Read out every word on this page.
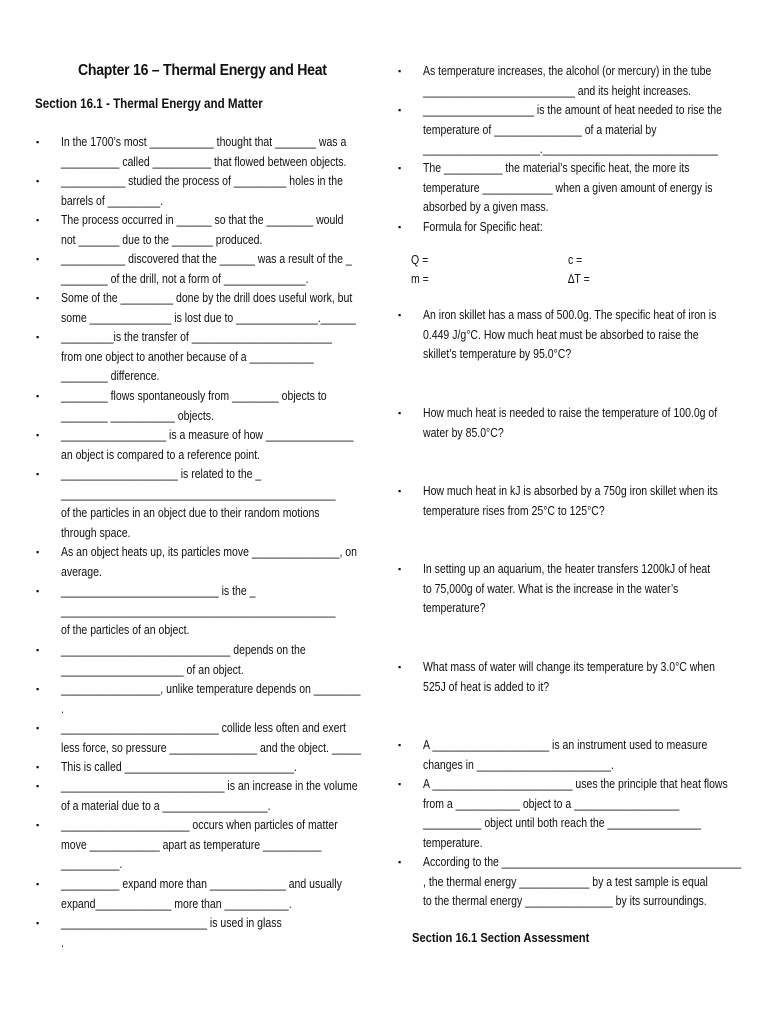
Chapter 16 – Thermal Energy and Heat
Section 16.1 - Thermal Energy and Matter
▪ In the 1700’s most ___________ thought that _______ was a
__________ called __________ that flowed between objects.
▪ ___________ studied the process of _________ holes in the
barrels of _________.
▪ The process occurred in ______ so that the ________ would
not _______ due to the _______ produced.
▪ ___________ discovered that the ______ was a result of the _
________ of the drill, not a form of ______________.
▪ Some of the _________ done by the drill does useful work, but
some ______________ is lost due to ______________.______
▪ _________is the transfer of ________________________
from one object to another because of a ___________
________ difference.
▪ ________ flows spontaneously from ________ objects to
________ ___________ objects.
▪ __________________ is a measure of how _______________
an object is compared to a reference point.
▪ ____________________ is related to the _
_______________________________________________
of the particles in an object due to their random motions
through space.
▪ As an object heats up, its particles move _______________, on
average.
▪ ___________________________ is the _
_______________________________________________
of the particles of an object.
▪ _____________________________ depends on the
_____________________ of an object.
▪ _________________, unlike temperature depends on ________
.
▪ ___________________________ collide less often and exert
less force, so pressure _______________ and the object. _____
▪ This is called _____________________________.
▪ ____________________________ is an increase in the volume
of a material due to a __________________.
▪ ______________________ occurs when particles of matter
move ____________ apart as temperature __________
__________.
▪ __________ expand more than _____________ and usually
expand_____________ more than ___________.
▪ _________________________ is used in glass
.
▪ As temperature increases, the alcohol (or mercury) in the tube
__________________________ and its height increases.
▪ ___________________ is the amount of heat needed to rise the
temperature of _______________ of a material by
____________________.______________________________
▪ The __________ the material’s specific heat, the more its
temperature ____________ when a given amount of energy is
absorbed by a given mass.
▪ Formula for Specific heat:
▪ An iron skillet has a mass of 500.0g. The specific heat of iron is
0.449 J/g°C. How much heat must be absorbed to raise the
skillet’s temperature by 95.0°C?
▪ How much heat is needed to raise the temperature of 100.0g of
water by 85.0°C?
▪ How much heat in kJ is absorbed by a 750g iron skillet when its
temperature rises from 25°C to 125°C?
▪ In setting up an aquarium, the heater transfers 1200kJ of heat
to 75,000g of water. What is the increase in the water’s
temperature?
▪ What mass of water will change its temperature by 3.0°C when
525J of heat is added to it?
▪ A ____________________ is an instrument used to measure
changes in _______________________.
▪ A ________________________ uses the principle that heat flows
from a ___________ object to a __________________
__________ object until both reach the ________________
temperature.
▪ According to the _________________________________________
, the thermal energy ____________ by a test sample is equal
to the thermal energy _______________ by its surroundings.
Q =	c =
m =	∆T =
Section 16.1 Section Assessment
